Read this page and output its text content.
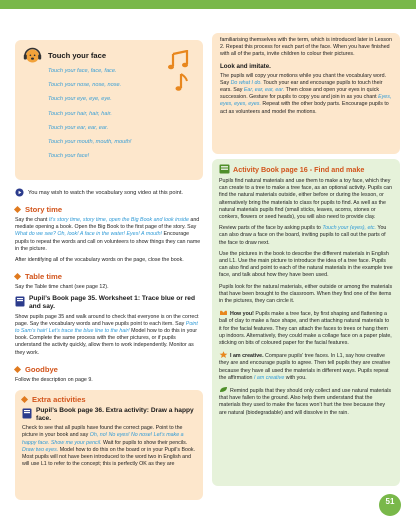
Touch your face
Touch your face, face, face.
Touch your nose, nose, nose.
Touch your eye, eye, eye.
Touch your hair, hair, hair.
Touch your ear, ear, ear.
Touch your mouth, mouth, mouth!
Touch your face!
You may wish to watch the vocabulary song video at this point.
Story time

Say the chant It’s story time, story time, open the Big Book and look inside and mediate opening a book. Open the Big Book to the first page of the story. Say What do we see? Oh, look! A face in the water! Eyes! A mouth! Encourage pupils to repeat the words and call on volunteers to show things they can name in the picture.

After identifying all of the vocabulary words on the page, close the book.

Table time

Say the Table time chant (see page 12).

Pupil’s Book page 35. Worksheet 1: Trace blue or red and say.

Show pupils page 35 and walk around to check that everyone is on the correct page. Say the vocabulary words and have pupils point to each item. Say Point to Sam’s hair! Let’s trace the blue line to the hair! Model how to do this in your book. Complete the same process with the other pictures, or if pupils understand the activity quickly, allow them to work independently. Monitor as they work.

Goodbye

Follow the description on page 9.

Extra activities
Pupil’s Book page 36. Extra activity: Draw a happy face.

Check to see that all pupils have found the correct page. Point to the picture in your book and say Oh, no! No eyes! No nose! Let’s make a happy face. Show me your pencil. Wait for pupils to show their pencils. Draw two eyes. Model how to do this on the board or in your Pupil’s Book. Most pupils will not have been introduced to the word two in English and will use L1 to refer to the concept; this is perfectly OK as they are

familiarising themselves with the term, which is introduced later in Lesson 2. Repeat this process for each part of the face. When you have finished with all of the parts, invite children to colour their pictures.

Look and imitate.

The pupils will copy your motions while you chant the vocabulary word. Say Do what I do. Touch your ear and encourage pupils to touch their ears. Say Ear, ear, ear, ear. Then close and open your eyes in quick succession. Gesture for pupils to copy you and join in as you chant Eyes, eyes, eyes, eyes. Repeat with the other body parts. Encourage pupils to act as volunteers and model the motions.

Activity Book page 16 - Find and make

Pupils find natural materials and use them to make a toy face, which they can create to a tree to make a tree face, as an optional activity. Pupils can find the natural materials outside, either before or during the lesson, or alternatively bring the materials to class for pupils to find. As well as the natural materials pupils find (small sticks, leaves, acorns, stones or conkers, flowers or seed heads), you will also need to provide clay.

Review parts of the face by asking pupils to Touch your (eyes), etc. You can also draw a face on the board, inviting pupils to call out the parts of the face to draw next.

Use the pictures in the book to describe the different materials in English and L1. Use the main picture to introduce the idea of a tree face. Pupils can also find and point to each of the natural materials in the example tree face, and talk about how they have been used.

Pupils look for the natural materials, either outside or among the materials that have been brought to the classroom. When they find one of the items in the pictures, they can circle it.

How you! Pupils make a tree face, by first shaping and flattening a ball of clay to make a face shape, and then attaching natural materials to it for the facial features. They can attach the faces to trees or hang them up indoors. Alternatively, they could make a collage face on a paper plate, sticking on bits of coloured paper for the facial features.

I am creative. Compare pupils’ tree faces. In L1, say how creative they are and encourage pupils to agree. Then tell pupils they are creative because they have all used the materials in different ways. Pupils repeat the affirmation I am creative with you.

Remind pupils that they should only collect and use natural materials that have fallen to the ground. Also help them understand that the materials they used to make the faces won’t hurt the tree because they are natural (biodegradable) and will dissolve in the rain.

51
